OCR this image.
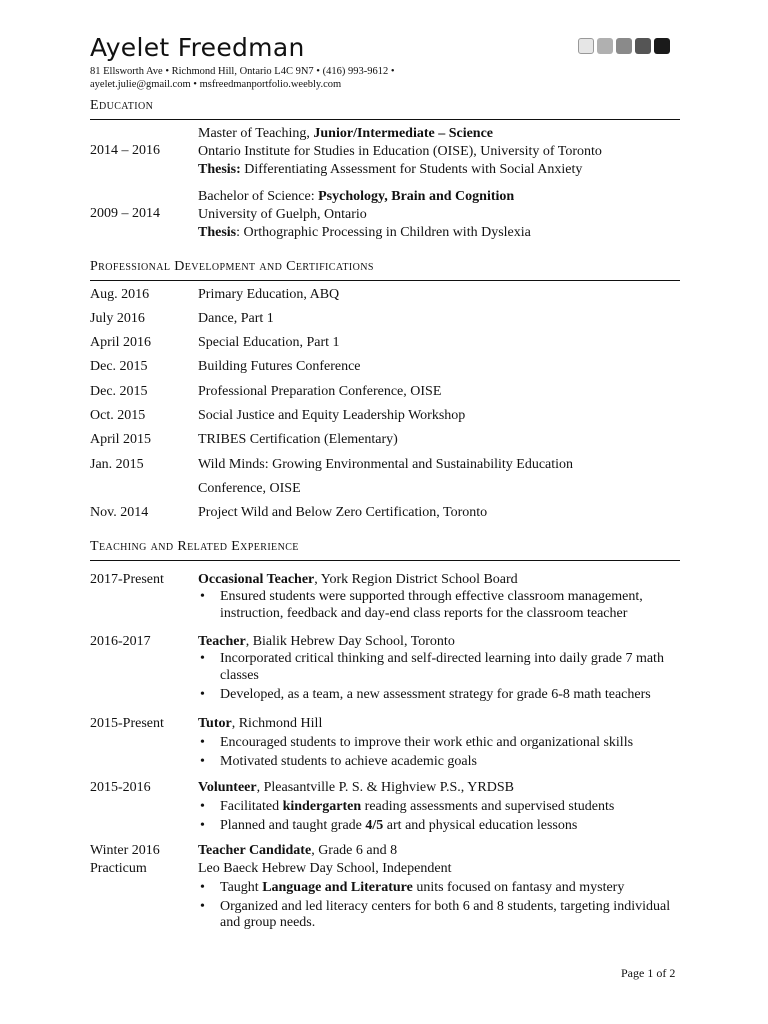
Ayelet Freedman
81 Ellsworth Ave • Richmond Hill, Ontario L4C 9N7 • (416) 993-9612 •
ayelet.julie@gmail.com • msfreedmanportfolio.weebly.com
Education
2014 – 2016
Master of Teaching, Junior/Intermediate – Science
Ontario Institute for Studies in Education (OISE), University of Toronto
Thesis: Differentiating Assessment for Students with Social Anxiety
2009 – 2014
Bachelor of Science: Psychology, Brain and Cognition
University of Guelph, Ontario
Thesis: Orthographic Processing in Children with Dyslexia
Professional Development and Certifications
Aug. 2016	Primary Education, ABQ
July 2016	Dance, Part 1
April 2016	Special Education, Part 1
Dec. 2015	Building Futures Conference
Dec. 2015	Professional Preparation Conference, OISE
Oct. 2015	Social Justice and Equity Leadership Workshop
April 2015	TRIBES Certification (Elementary)
Jan. 2015	Wild Minds: Growing Environmental and Sustainability Education
Conference, OISE
Nov. 2014	Project Wild and Below Zero Certification, Toronto
Teaching and Related Experience
2017-Present	Occasional Teacher, York Region District School Board
• Ensured students were supported through effective classroom management, instruction, feedback and day-end class reports for the classroom teacher
2016-2017	Teacher, Bialik Hebrew Day School, Toronto
• Incorporated critical thinking and self-directed learning into daily grade 7 math classes
• Developed, as a team, a new assessment strategy for grade 6-8 math teachers
2015-Present	Tutor, Richmond Hill
• Encouraged students to improve their work ethic and organizational skills
• Motivated students to achieve academic goals
2015-2016	Volunteer, Pleasantville P. S. & Highview P.S., YRDSB
• Facilitated kindergarten reading assessments and supervised students
• Planned and taught grade 4/5 art and physical education lessons
Winter 2016
Practicum
Teacher Candidate, Grade 6 and 8
Leo Baeck Hebrew Day School, Independent
• Taught Language and Literature units focused on fantasy and mystery
• Organized and led literacy centers for both 6 and 8 students, targeting individual and group needs.
Page 1 of 2
